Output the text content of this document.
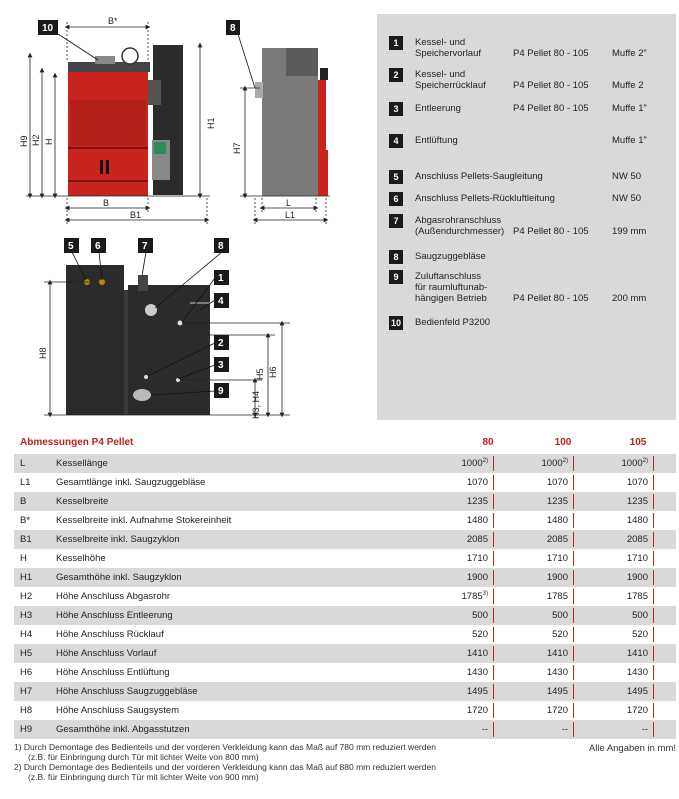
B*
H9 H2 H
H1
B
B1
H7
L
L1
H8
H6
H5
H3, H4
10	8
5 6	7	8
1
4
2
3
9
1	Kessel- und
Speichervorlauf	P4 Pellet 80 - 105 Muffe 2”
2	Kessel- und
Speicherrücklauf	P4 Pellet 80 - 105 Muffe 2
3	Entleerung	P4 Pellet 80 - 105 Muffe 1”
4	Entlüftung	Muffe 1”
5	Anschluss Pellets-Saugleitung	NW 50
6	Anschluss Pellets-Rückluftleitung	NW 50
7	Abgasrohranschluss
(Außendurchmesser) P4 Pellet 80 - 105 199 mm
8	Saugzuggebläse
9	Zuluftanschluss
für raumluftunab-
hängigen Betrieb	P4 Pellet 80 - 105 200 mm
10 Bedienfeld P3200
Abmessungen P4 Pellet	80	100	105
L	Kessellänge	1000$^{2)}$	1000$^{2)}$	1000$^{2)}$
L1	Gesamtlänge inkl. Saugzuggebläse	1070	1070	1070
B	Kesselbreite	1235	1235	1235
B*	Kesselbreite inkl. Aufnahme Stokereinheit	1480	1480	1480
B1	Kesselbreite inkl. Saugzyklon	2085	2085	2085
H	Kesselhöhe	1710	1710	1710
H1	Gesamthöhe inkl. Saugzyklon	1900	1900	1900
H2	Höhe Anschluss Abgasrohr	1785$^{3)}$	1785	1785
H3	Höhe Anschluss Entleerung	500	500	500
H4	Höhe Anschluss Rücklauf	520	520	520
H5	Höhe Anschluss Vorlauf	1410	1410	1410
H6	Höhe Anschluss Entlüftung	1430	1430	1430
H7	Höhe Anschluss Saugzuggebläse	1495	1495	1495
H8	Höhe Anschluss Saugsystem	1720	1720	1720
H9	Gesamthöhe inkl. Abgasstutzen	--	--	--
Alle Angaben in mm!
1) Durch Demontage des Bedienteils und der vorderen Verkleidung kann das Maß auf 780 mm reduziert werden
(z.B. für Einbringung durch Tür mit lichter Weite von 800 mm)
2) Durch Demontage des Bedienteils und der vorderen Verkleidung kann das Maß auf 880 mm reduziert werden
(z.B. für Einbringung durch Tür mit lichter Weite von 900 mm)
